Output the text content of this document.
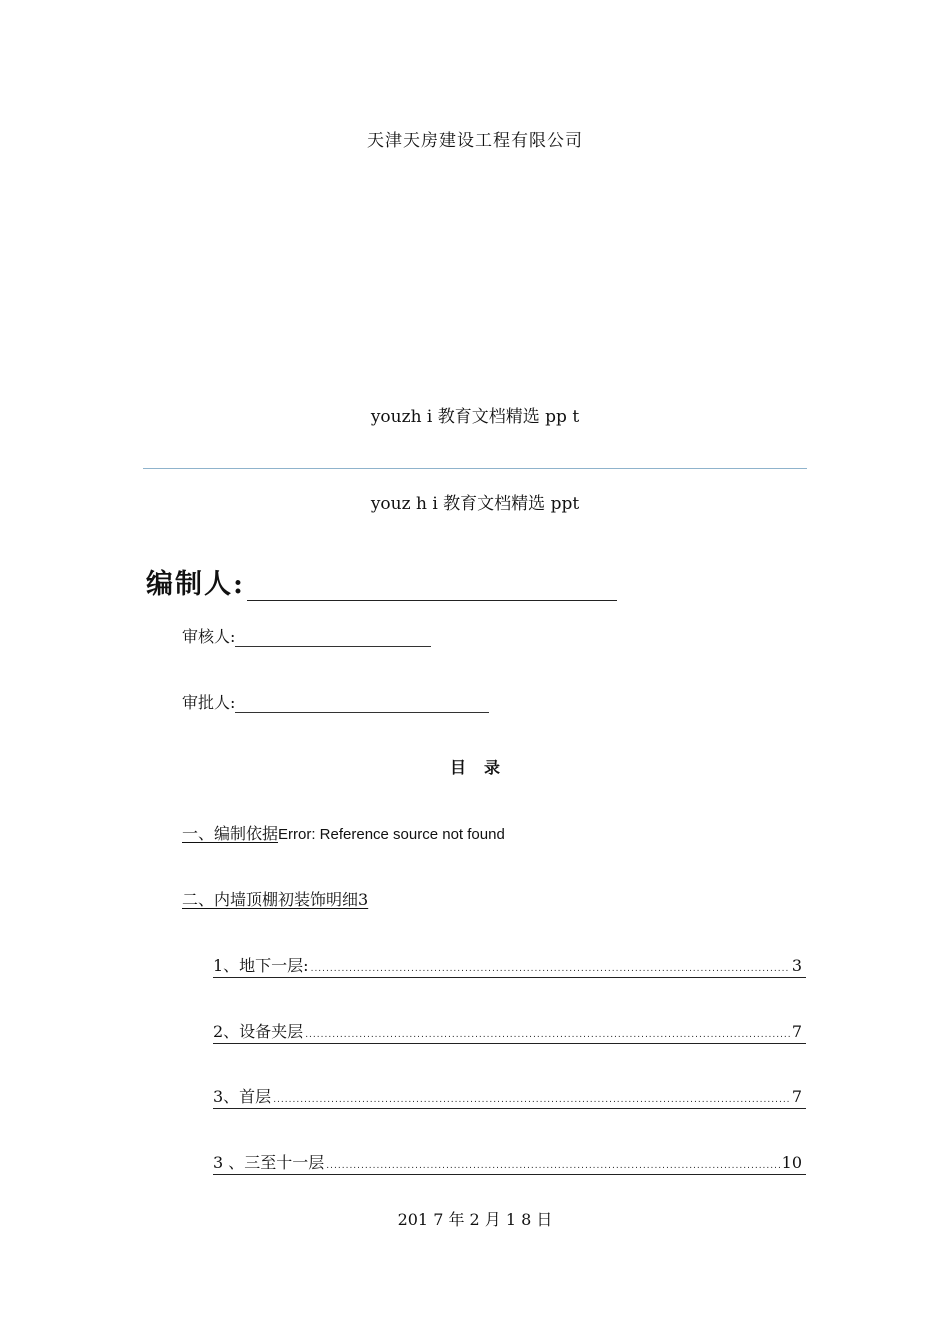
天津天房建设工程有限公司
youzh i 教育文档精选 pp t
youz h i 教育文档精选 ppt
编制人:
审核人:
审批人:
目录
一、编制依据 Error: Reference source not found
二、内墙顶棚初装饰明细 3
1、地下一层: .....	3
2、设备夹层 .....	7
3、首层 .....	7
3 、三至十一层 .....	10
201 7 年 2 月 1 8 日
